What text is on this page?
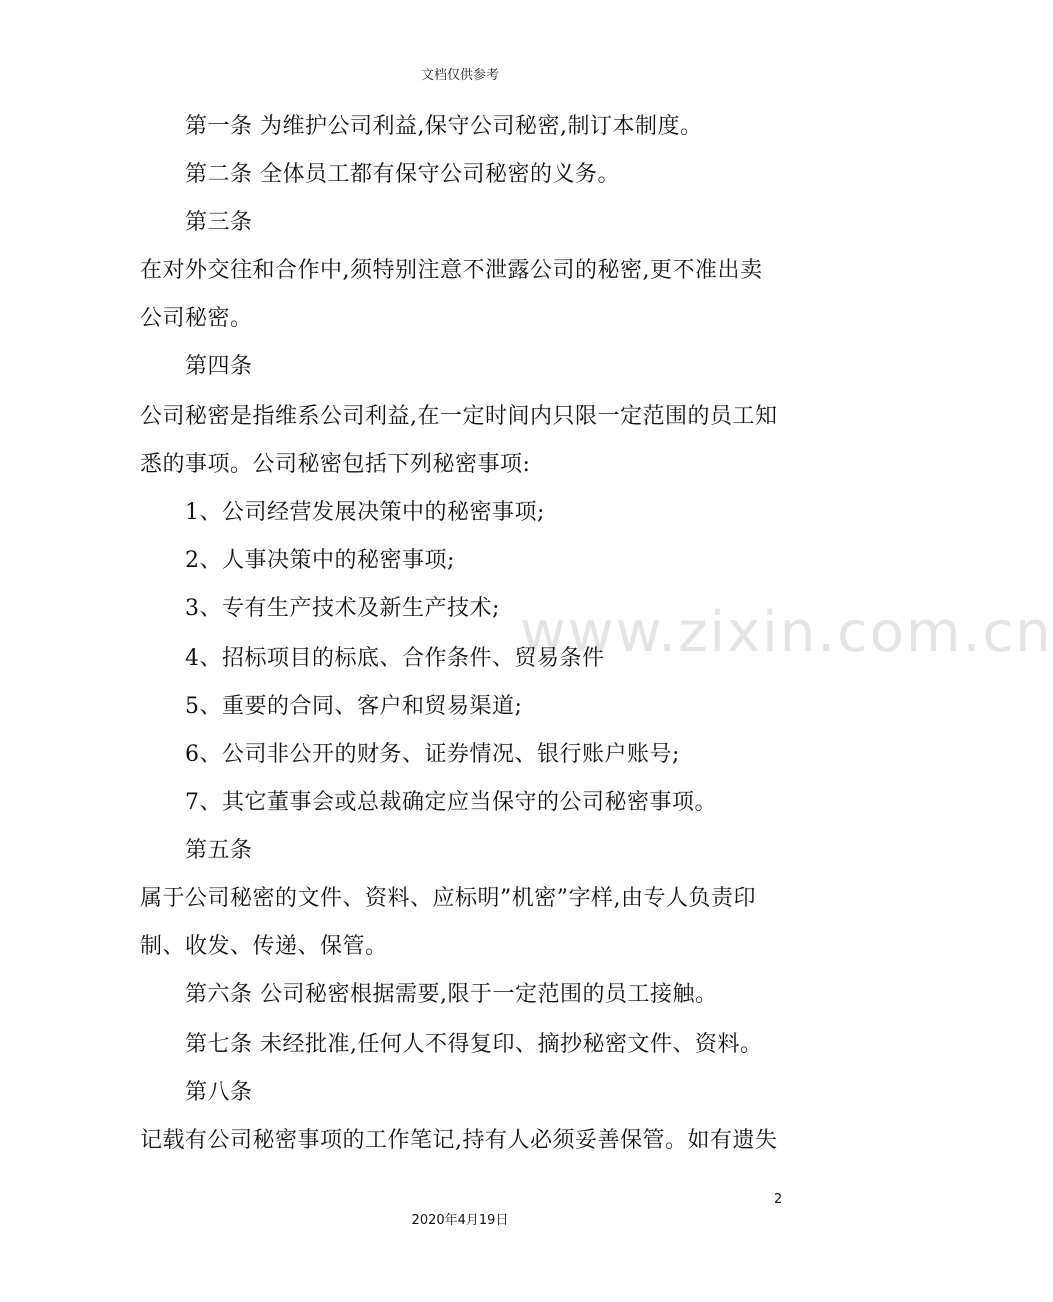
文档仅供参考
www.zixin.com.cn
第一条 为维护公司利益,保守公司秘密,制订本制度。
第二条 全体员工都有保守公司秘密的义务。
第三条
在对外交往和合作中,须特别注意不泄露公司的秘密,更不准出卖
公司秘密。
第四条
公司秘密是指维系公司利益,在一定时间内只限一定范围的员工知
悉的事项。公司秘密包括下列秘密事项:
1、公司经营发展决策中的秘密事项;
2、人事决策中的秘密事项;
3、专有生产技术及新生产技术;
4、招标项目的标底、合作条件、贸易条件
5、重要的合同、客户和贸易渠道;
6、公司非公开的财务、证券情况、银行账户账号;
7、其它董事会或总裁确定应当保守的公司秘密事项。
第五条
属于公司秘密的文件、资料、应标明”机密”字样,由专人负责印
制、收发、传递、保管。
第六条 公司秘密根据需要,限于一定范围的员工接触。
第七条 未经批准,任何人不得复印、摘抄秘密文件、资料。
第八条
记载有公司秘密事项的工作笔记,持有人必须妥善保管。如有遗失
2
2020年4月19日
